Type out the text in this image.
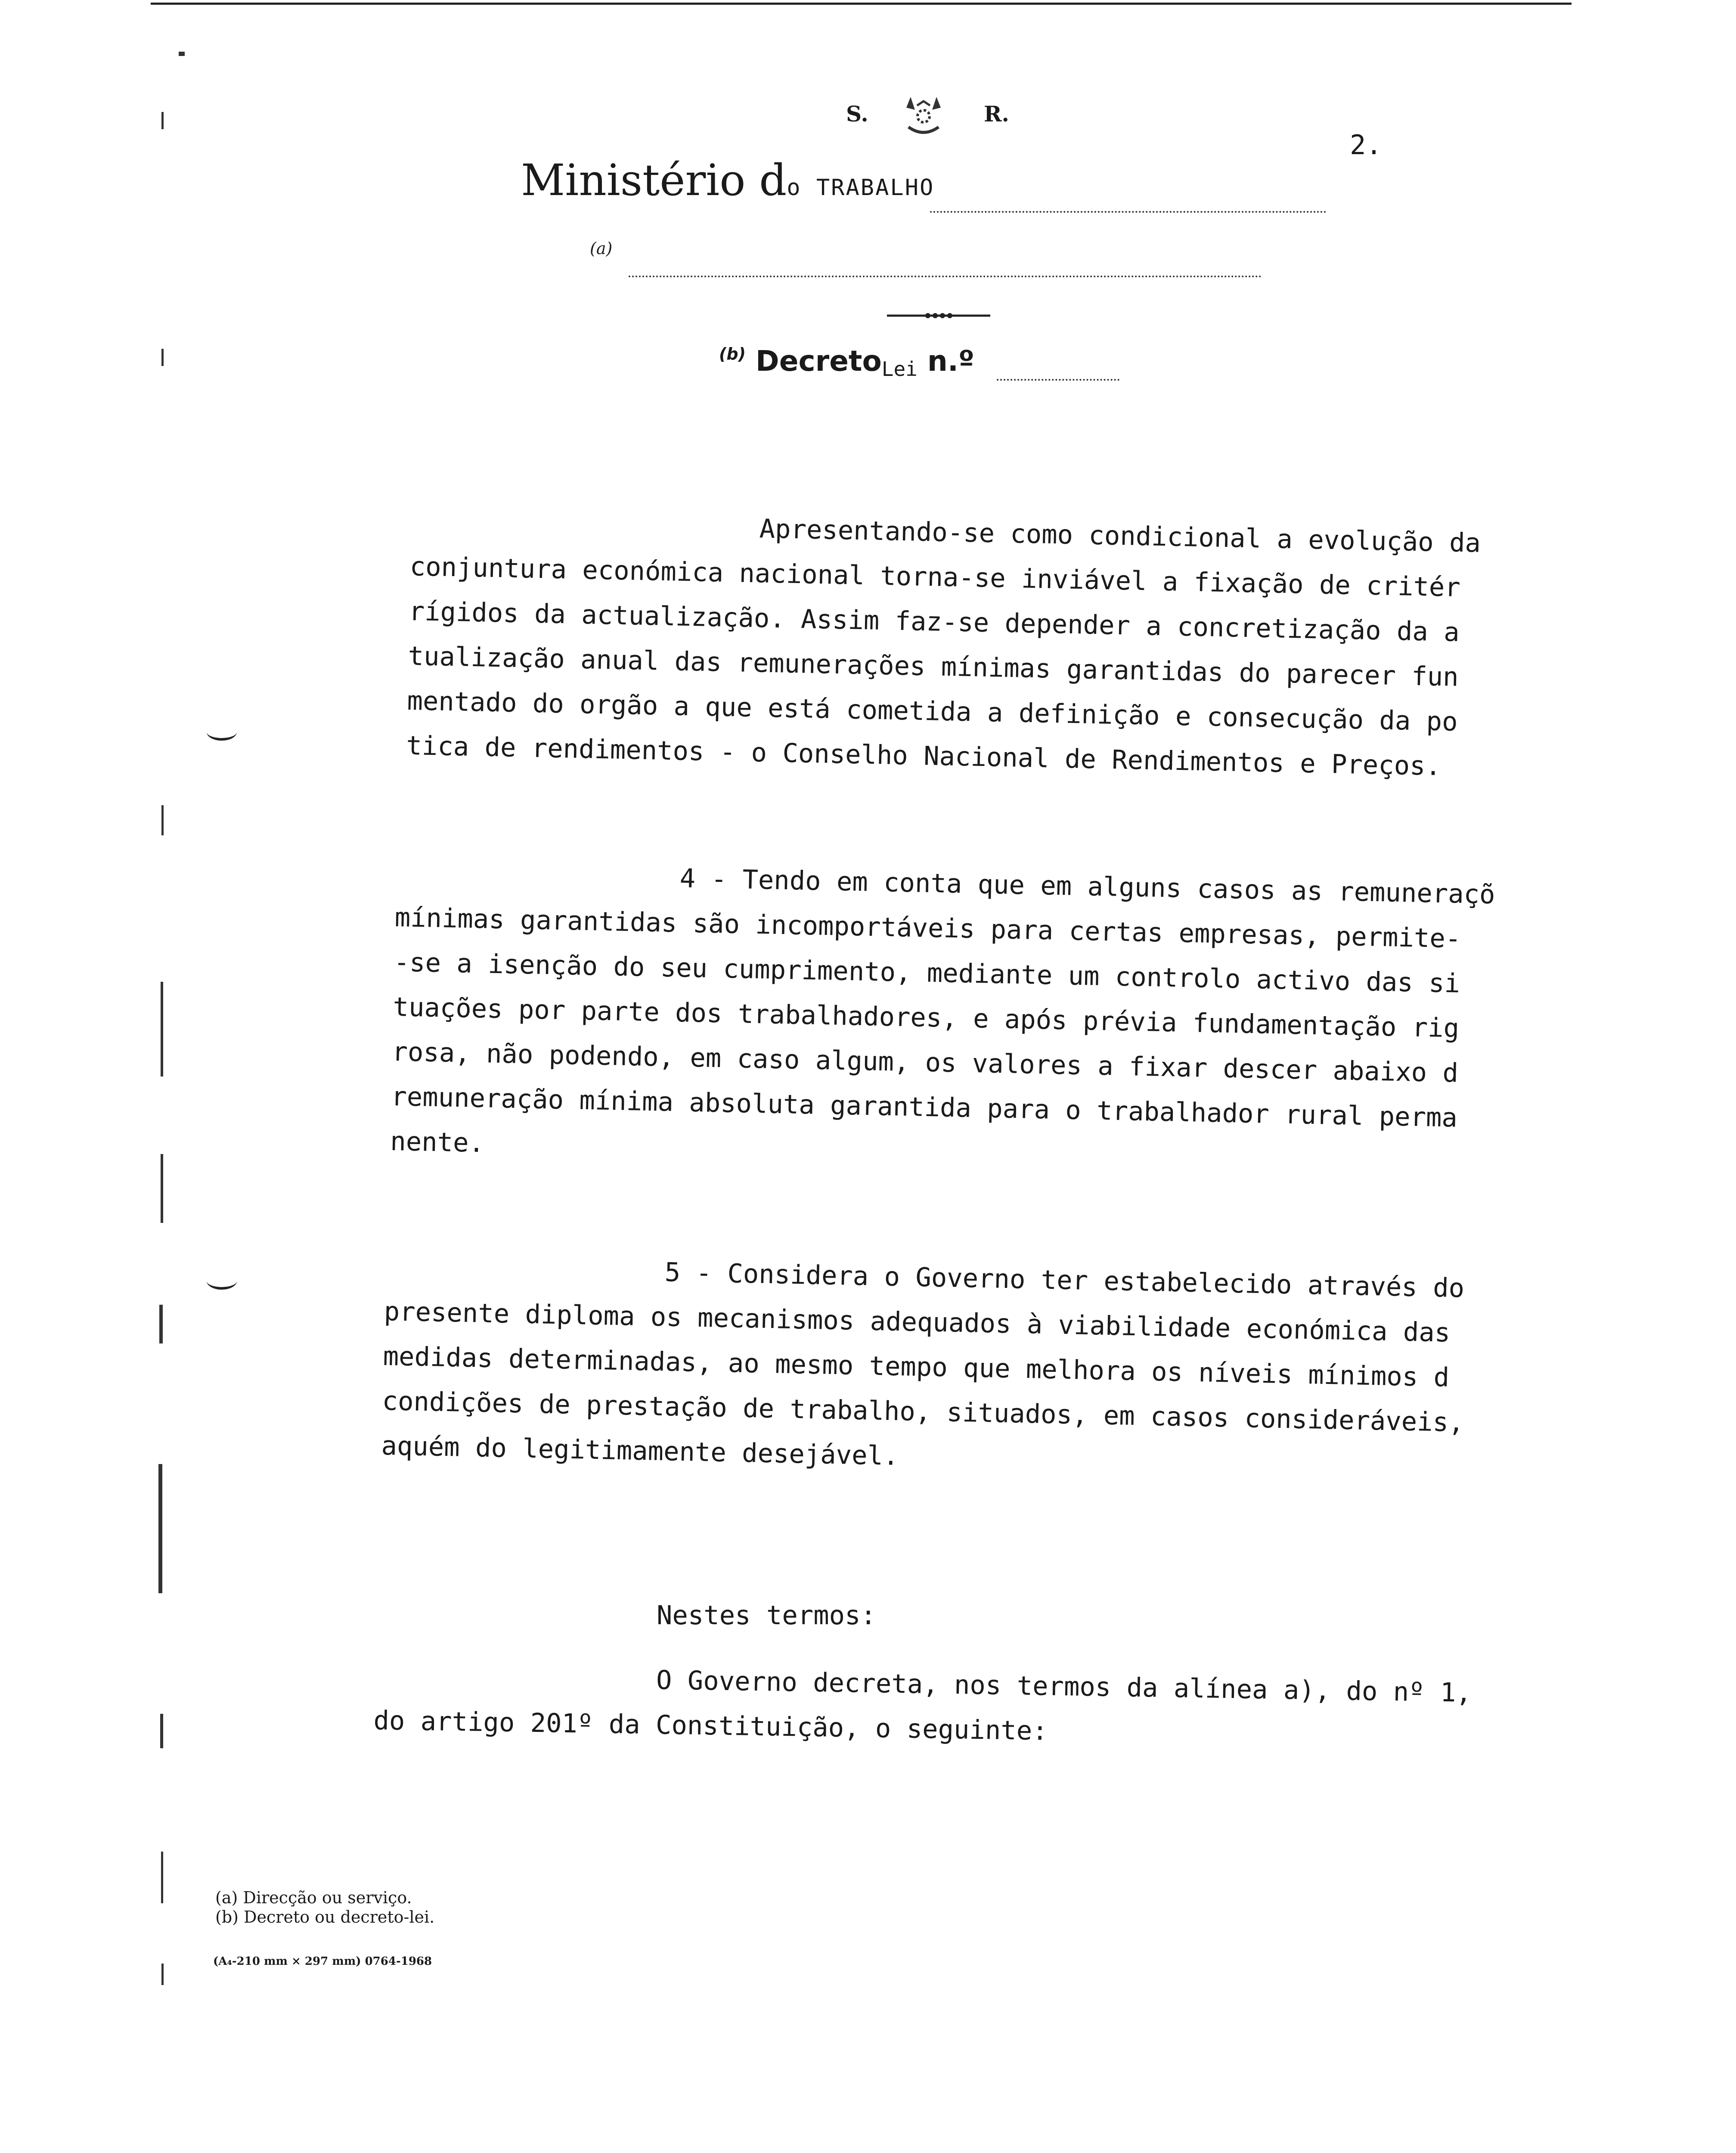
S.	R.
2.
Ministério do TRABALHO
(a)
$^{(b)}$ DecretoLei n.º
Apresentando-se como condicional a evolução da
conjuntura económica nacional torna-se inviável a fixação de critér
rígidos da actualização. Assim faz-se depender a concretização da a
tualização anual das remunerações mínimas garantidas do parecer fun
mentado do orgão a que está cometida a definição e consecução da po
tica de rendimentos - o Conselho Nacional de Rendimentos e Preços.
4 - Tendo em conta que em alguns casos as remuneraçõ
mínimas garantidas são incomportáveis para certas empresas, permite-
-se a isenção do seu cumprimento, mediante um controlo activo das si
tuações por parte dos trabalhadores, e após prévia fundamentação rig
rosa, não podendo, em caso algum, os valores a fixar descer abaixo d
remuneração mínima absoluta garantida para o trabalhador rural perma
nente.
5 - Considera o Governo ter estabelecido através do
presente diploma os mecanismos adequados à viabilidade económica das
medidas determinadas, ao mesmo tempo que melhora os níveis mínimos d
condições de prestação de trabalho, situados, em casos consideráveis,
aquém do legitimamente desejável.
Nestes termos:
O Governo decreta, nos termos da alínea a), do nº 1,
do artigo 201º da Constituição, o seguinte:
(a) Direcção ou serviço.
(b) Decreto ou decreto-lei.
(A₄-210 mm × 297 mm) 0764-1968
